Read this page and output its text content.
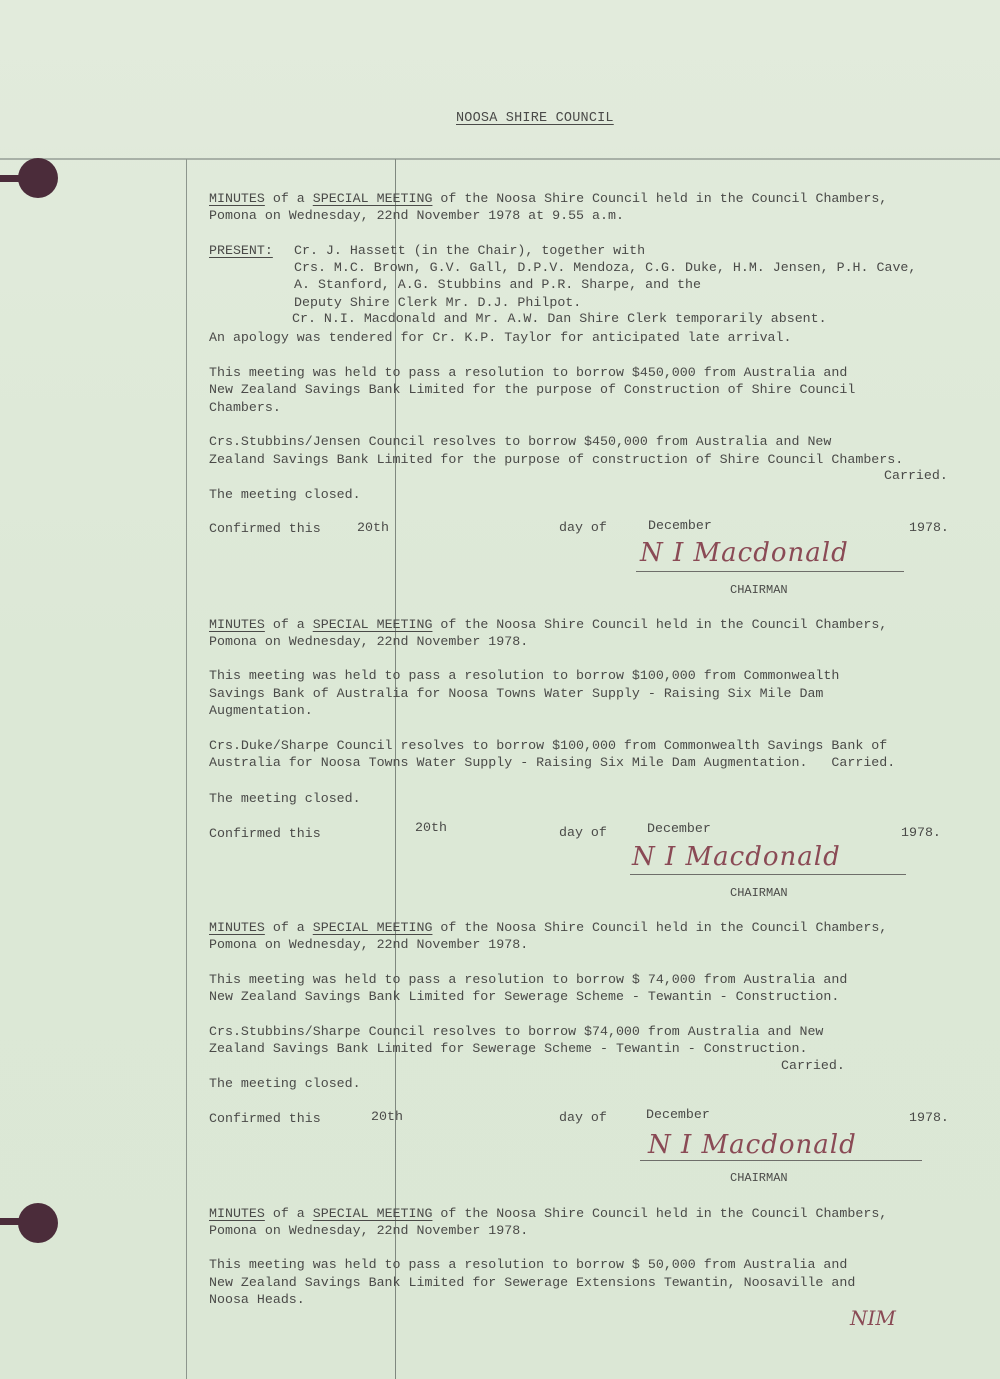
NOOSA SHIRE COUNCIL
MINUTES of a SPECIAL MEETING of the Noosa Shire Council held in the Council Chambers,
Pomona on Wednesday, 22nd November 1978 at 9.55 a.m.
PRESENT: Cr. J. Hassett (in the Chair), together with
Crs. M.C. Brown, G.V. Gall, D.P.V. Mendoza, C.G. Duke, H.M. Jensen, P.H. Cave,
A. Stanford, A.G. Stubbins and P.R. Sharpe, and the
Deputy Shire Clerk Mr. D.J. Philpot.
Cr. N.I. Macdonald and Mr. A.W. Dan Shire Clerk temporarily absent.
An apology was tendered for Cr. K.P. Taylor for anticipated late arrival.
This meeting was held to pass a resolution to borrow $450,000 from Australia and
New Zealand Savings Bank Limited for the purpose of Construction of Shire Council
Chambers.
Crs.Stubbins/Jensen Council resolves to borrow $450,000 from Australia and New
Zealand Savings Bank Limited for the purpose of construction of Shire Council Chambers.
Carried.
The meeting closed.
Confirmed this	20th	day of	December	1978.
N I Macdonald
CHAIRMAN
MINUTES of a SPECIAL MEETING of the Noosa Shire Council held in the Council Chambers,
Pomona on Wednesday, 22nd November 1978.
This meeting was held to pass a resolution to borrow $100,000 from Commonwealth
Savings Bank of Australia for Noosa Towns Water Supply - Raising Six Mile Dam
Augmentation.
Crs.Duke/Sharpe Council resolves to borrow $100,000 from Commonwealth Savings Bank of
Australia for Noosa Towns Water Supply - Raising Six Mile Dam Augmentation.   Carried.
The meeting closed.
Confirmed this	20th	day of	December	1978.
N I Macdonald
CHAIRMAN
MINUTES of a SPECIAL MEETING of the Noosa Shire Council held in the Council Chambers,
Pomona on Wednesday, 22nd November 1978.
This meeting was held to pass a resolution to borrow $ 74,000 from Australia and
New Zealand Savings Bank Limited for Sewerage Scheme - Tewantin - Construction.
Crs.Stubbins/Sharpe Council resolves to borrow $74,000 from Australia and New
Zealand Savings Bank Limited for Sewerage Scheme - Tewantin - Construction.
Carried.
The meeting closed.
Confirmed this	20th	day of	December	1978.
N I Macdonald
CHAIRMAN
MINUTES of a SPECIAL MEETING of the Noosa Shire Council held in the Council Chambers,
Pomona on Wednesday, 22nd November 1978.
This meeting was held to pass a resolution to borrow $ 50,000 from Australia and
New Zealand Savings Bank Limited for Sewerage Extensions Tewantin, Noosaville and
Noosa Heads.
NIM
